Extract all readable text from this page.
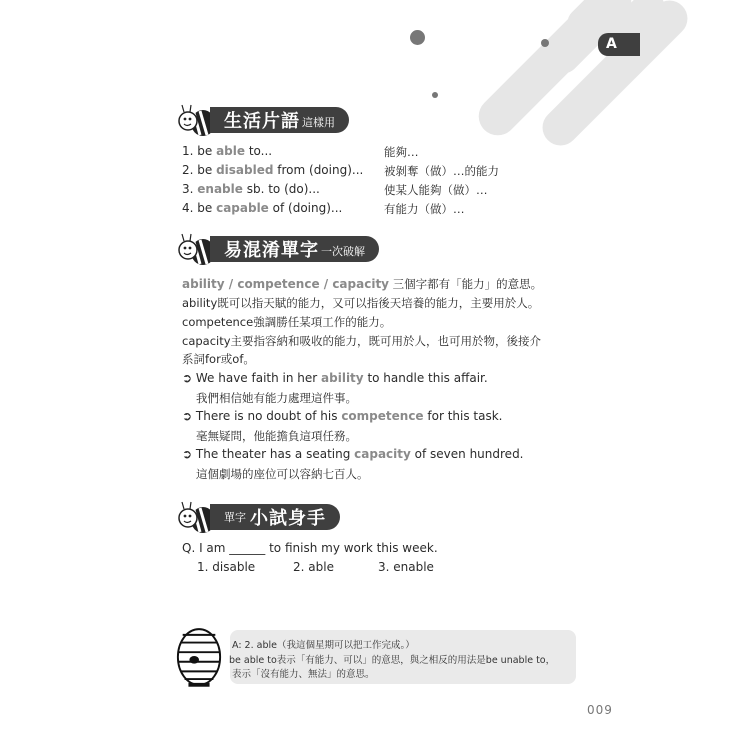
A
生活片語 這樣用
1. be able to...	能夠…
2. be disabled from (doing)... 被剝奪（做）…的能力
3. enable sb. to (do)...	使某人能夠（做）…
4. be capable of (doing)...	有能力（做）…
易混淆單字 一次破解
ability / competence / capacity 三個字都有「能力」的意思。
ability既可以指天賦的能力，又可以指後天培養的能力，主要用於人。
competence強調勝任某項工作的能力。
capacity主要指容納和吸收的能力，既可用於人，也可用於物，後接介
系詞for或of。
➲ We have faith in her ability to handle this affair.
我們相信她有能力處理這件事。
➲ There is no doubt of his competence for this task.
毫無疑問，他能擔負這項任務。
➲ The theater has a seating capacity of seven hundred.
這個劇場的座位可以容納七百人。
單字 小試身手
Q. I am ______ to finish my work this week.
1. disable	2. able	3. enable
A: 2. able（我這個星期可以把工作完成。）
be able to表示「有能力、可以」的意思，與之相反的用法是be unable to，
表示「沒有能力、無法」的意思。
009
